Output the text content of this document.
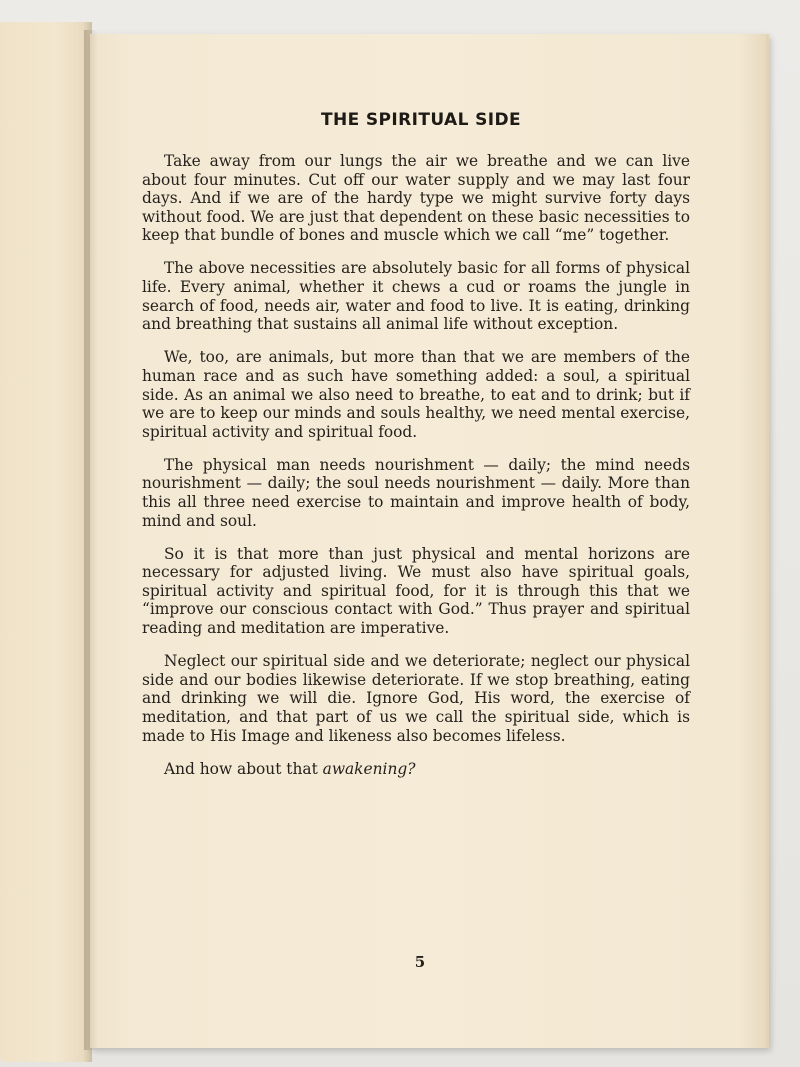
THE SPIRITUAL SIDE

Take away from our lungs the air we breathe and we can live about four minutes. Cut off our water supply and we may last four days. And if we are of the hardy type we might survive forty days without food. We are just that dependent on these basic necessities to keep that bundle of bones and muscle which we call “me” together.

The above necessities are absolutely basic for all forms of physical life. Every animal, whether it chews a cud or roams the jungle in search of food, needs air, water and food to live. It is eating, drinking and breathing that sustains all animal life without exception.

We, too, are animals, but more than that we are members of the human race and as such have something added: a soul, a spiritual side. As an animal we also need to breathe, to eat and to drink; but if we are to keep our minds and souls healthy, we need mental exercise, spiritual activity and spiritual food.

The physical man needs nourishment — daily; the mind needs nourishment — daily; the soul needs nourishment — daily. More than this all three need exercise to maintain and improve health of body, mind and soul.

So it is that more than just physical and mental horizons are necessary for adjusted living. We must also have spiritual goals, spiritual activity and spiritual food, for it is through this that we “improve our conscious contact with God.” Thus prayer and spiritual reading and meditation are imperative.

Neglect our spiritual side and we deteriorate; neglect our physical side and our bodies likewise deteriorate. If we stop breathing, eating and drinking we will die. Ignore God, His word, the exercise of meditation, and that part of us we call the spiritual side, which is made to His Image and likeness also becomes lifeless.

And how about that awakening?

5
